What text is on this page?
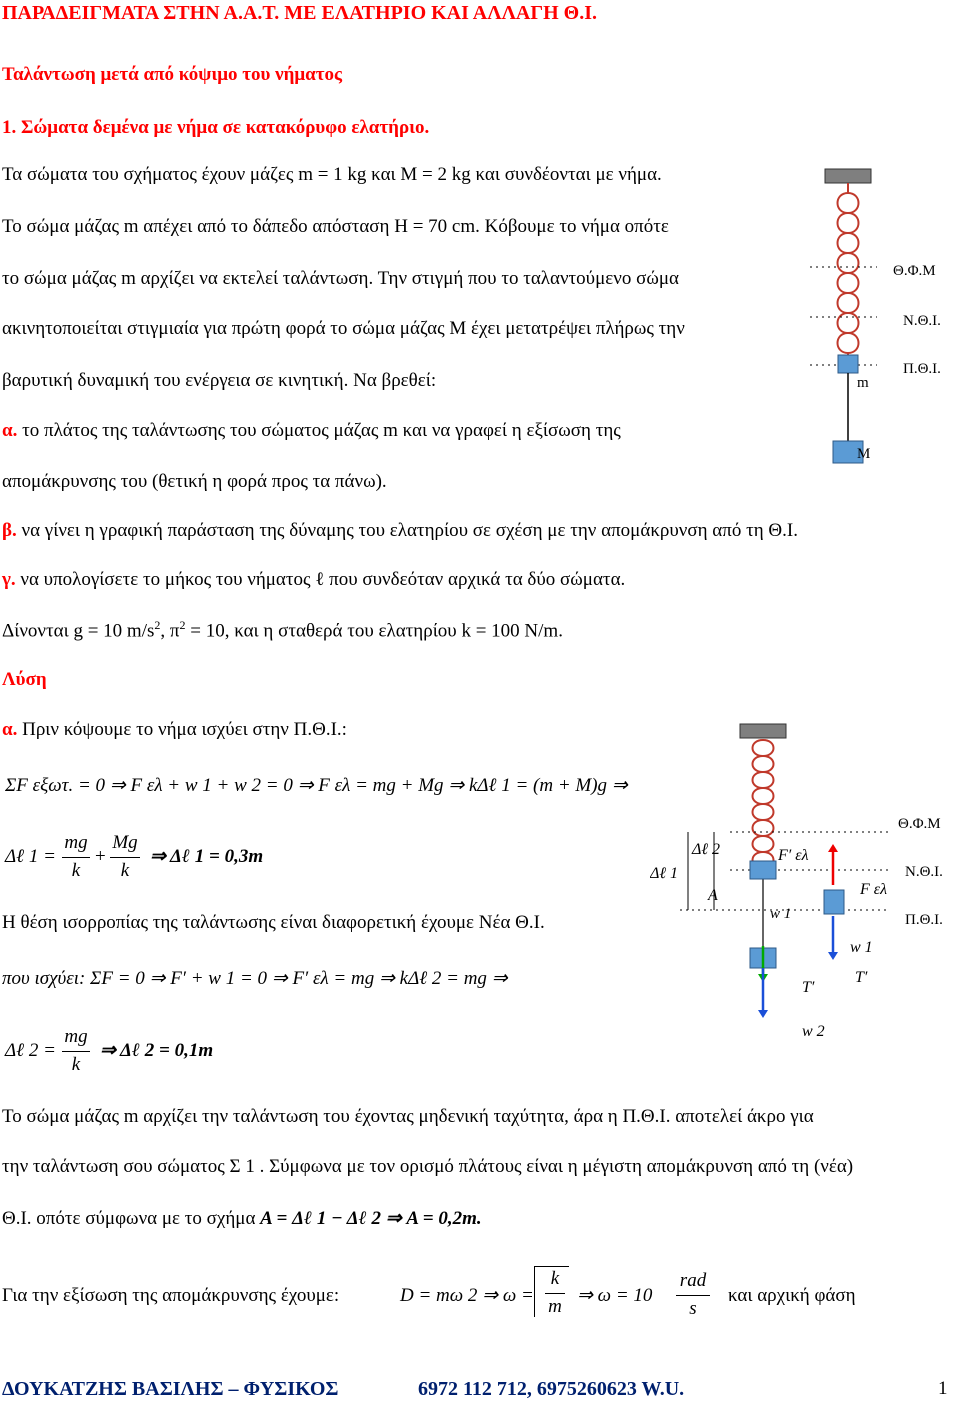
ΠΑΡΑΔΕΙΓΜΑΤΑ ΣΤΗΝ Α.Α.Τ. ΜΕ ΕΛΑΤΗΡΙΟ ΚΑΙ ΑΛΛΑΓΗ Θ.Ι.
Ταλάντωση μετά από κόψιμο του νήματος
1. Σώματα δεμένα με νήμα σε κατακόρυφο ελατήριο.
Τα σώματα του σχήματος έχουν μάζες m = 1 kg και M = 2 kg και συνδέονται με νήμα.
Το σώμα μάζας m απέχει από το δάπεδο απόσταση H = 70 cm. Κόβουμε το νήμα οπότε
το σώμα μάζας m αρχίζει να εκτελεί ταλάντωση. Την στιγμή που το ταλαντούμενο σώμα
ακινητοποιείται στιγμιαία για πρώτη φορά το σώμα μάζας M έχει μετατρέψει πλήρως την
βαρυτική δυναμική του ενέργεια σε κινητική. Να βρεθεί:
α. το πλάτος της ταλάντωσης του σώματος μάζας m και να γραφεί η εξίσωση της
απομάκρυνσης του (θετική η φορά προς τα πάνω).
β. να γίνει η γραφική παράσταση της δύναμης του ελατηρίου σε σχέση με την απομάκρυνση από τη Θ.Ι.
γ. να υπολογίσετε το μήκος του νήματος ℓ που συνδεόταν αρχικά τα δύο σώματα.
Δίνονται g = 10 $m/s^2$, $\pi^2 = 10$, και η σταθερά του ελατηρίου k = 100 N/m.
Θ.Φ.Μ
Ν.Θ.Ι.
Π.Θ.Ι.
m
M
Λύση
α. Πριν κόψουμε το νήμα ισχύει στην Π.Θ.Ι.:
ΣF εξωτ. = 0 ⇒ F ελ + w 1 + w 2 = 0 ⇒ F ελ = mg + Mg ⇒ kΔℓ 1 = (m + M)g ⇒
Δℓ 1 =
mg
k
+
Mg
k
⇒ Δℓ 1 = 0,3m
Η θέση ισορροπίας της ταλάντωσης είναι διαφορετική έχουμε Νέα Θ.Ι.
που ισχύει: ΣF = 0 ⇒ F′ + w 1 = 0 ⇒ F′ ελ = mg ⇒ kΔℓ 2 = mg ⇒
Δℓ 2 =
mg
k
⇒ Δℓ 2 = 0,1m
Θ.Φ.Μ
Ν.Θ.Ι.
Π.Θ.Ι.
Δℓ 1
Δℓ 2
A
F′ ελ
F ελ
w 1
w 1
T′
T′
w 2
Το σώμα μάζας m αρχίζει την ταλάντωση του έχοντας μηδενική ταχύτητα, άρα η Π.Θ.Ι. αποτελεί άκρο για
την ταλάντωση σου σώματος Σ 1 . Σύμφωνα με τον ορισμό πλάτους είναι η μέγιστη απομάκρυνση από τη (νέα)
Θ.Ι. οπότε σύμφωνα με το σχήμα A = Δℓ 1 − Δℓ 2 ⇒ A = 0,2m.
Για την εξίσωση της απομάκρυνσης έχουμε:	D = mω 2 ⇒ ω =
k
m
⇒ ω = 10
rad
s
και αρχική φάση
ΔΟΥΚΑΤΖΗΣ ΒΑΣΙΛΗΣ – ΦΥΣΙΚΟΣ	6972 112 712, 6975260623 W.U.	1
